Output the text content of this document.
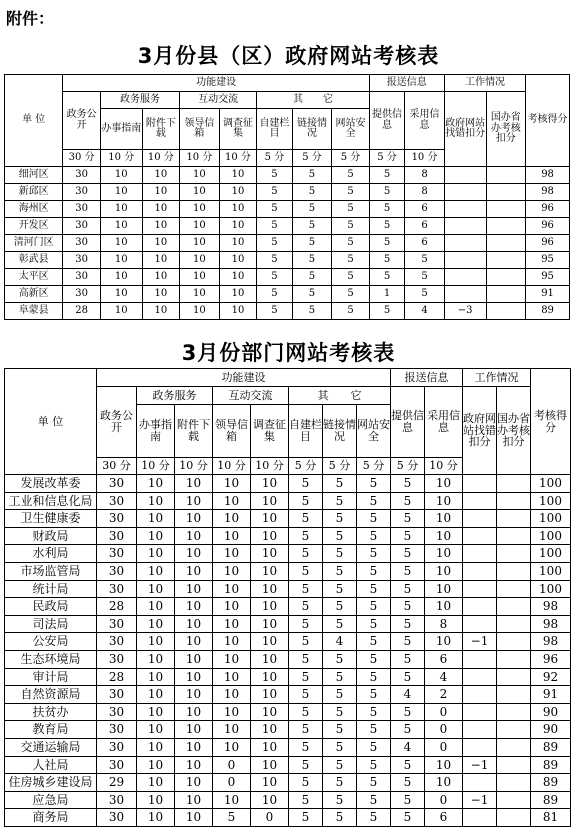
附件：
3月份县（区）政府网站考核表
单 位	功能建设								报送信息		工作情况		考核得分
	政务公开	政务服务		互动交流		其　　它			提供信息	采用信息	政府网站找错扣分	国办省办考核扣分	
		办事指南	附件下载	领导信箱	调查征集	自建栏目	链接情况	网站安全					
	30 分	10 分	10 分	10 分	10 分	5 分	5 分	5 分	5 分	10 分			
细河区	30	10	10	10	10	5	5	5	5	8			98
新邱区	30	10	10	10	10	5	5	5	5	8			98
海州区	30	10	10	10	10	5	5	5	5	6			96
开发区	30	10	10	10	10	5	5	5	5	6			96
清河门区	30	10	10	10	10	5	5	5	5	6			96
彰武县	30	10	10	10	10	5	5	5	5	5			95
太平区	30	10	10	10	10	5	5	5	5	5			95
高新区	30	10	10	10	10	5	5	5	1	5			91
阜蒙县	28	10	10	10	10	5	5	5	5	4	−3		89
3月份部门网站考核表
单 位	功能建设								报送信息		工作情况		考核得分
	政务公开	政务服务		互动交流		其　　它			提供信息	采用信息	政府网站找错扣分	国办省办考核扣分	
		办事指南	附件下载	领导信箱	调查征集	自建栏目	链接情况	网站安全					
	30 分	10 分	10 分	10 分	10 分	5 分	5 分	5 分	5 分	10 分			
发展改革委	30	10	10	10	10	5	5	5	5	10			100
工业和信息化局	30	10	10	10	10	5	5	5	5	10			100
卫生健康委	30	10	10	10	10	5	5	5	5	10			100
财政局	30	10	10	10	10	5	5	5	5	10			100
水利局	30	10	10	10	10	5	5	5	5	10			100
市场监管局	30	10	10	10	10	5	5	5	5	10			100
统计局	30	10	10	10	10	5	5	5	5	10			100
民政局	28	10	10	10	10	5	5	5	5	10			98
司法局	30	10	10	10	10	5	5	5	5	8			98
公安局	30	10	10	10	10	5	4	5	5	10	−1		98
生态环境局	30	10	10	10	10	5	5	5	5	6			96
审计局	28	10	10	10	10	5	5	5	5	4			92
自然资源局	30	10	10	10	10	5	5	5	4	2			91
扶贫办	30	10	10	10	10	5	5	5	5	0			90
教育局	30	10	10	10	10	5	5	5	5	0			90
交通运输局	30	10	10	10	10	5	5	5	4	0			89
人社局	30	10	10	0	10	5	5	5	5	10	−1		89
住房城乡建设局	29	10	10	0	10	5	5	5	5	10			89
应急局	30	10	10	10	10	5	5	5	5	0	−1		89
商务局	30	10	10	5	0	5	5	5	5	6			81
